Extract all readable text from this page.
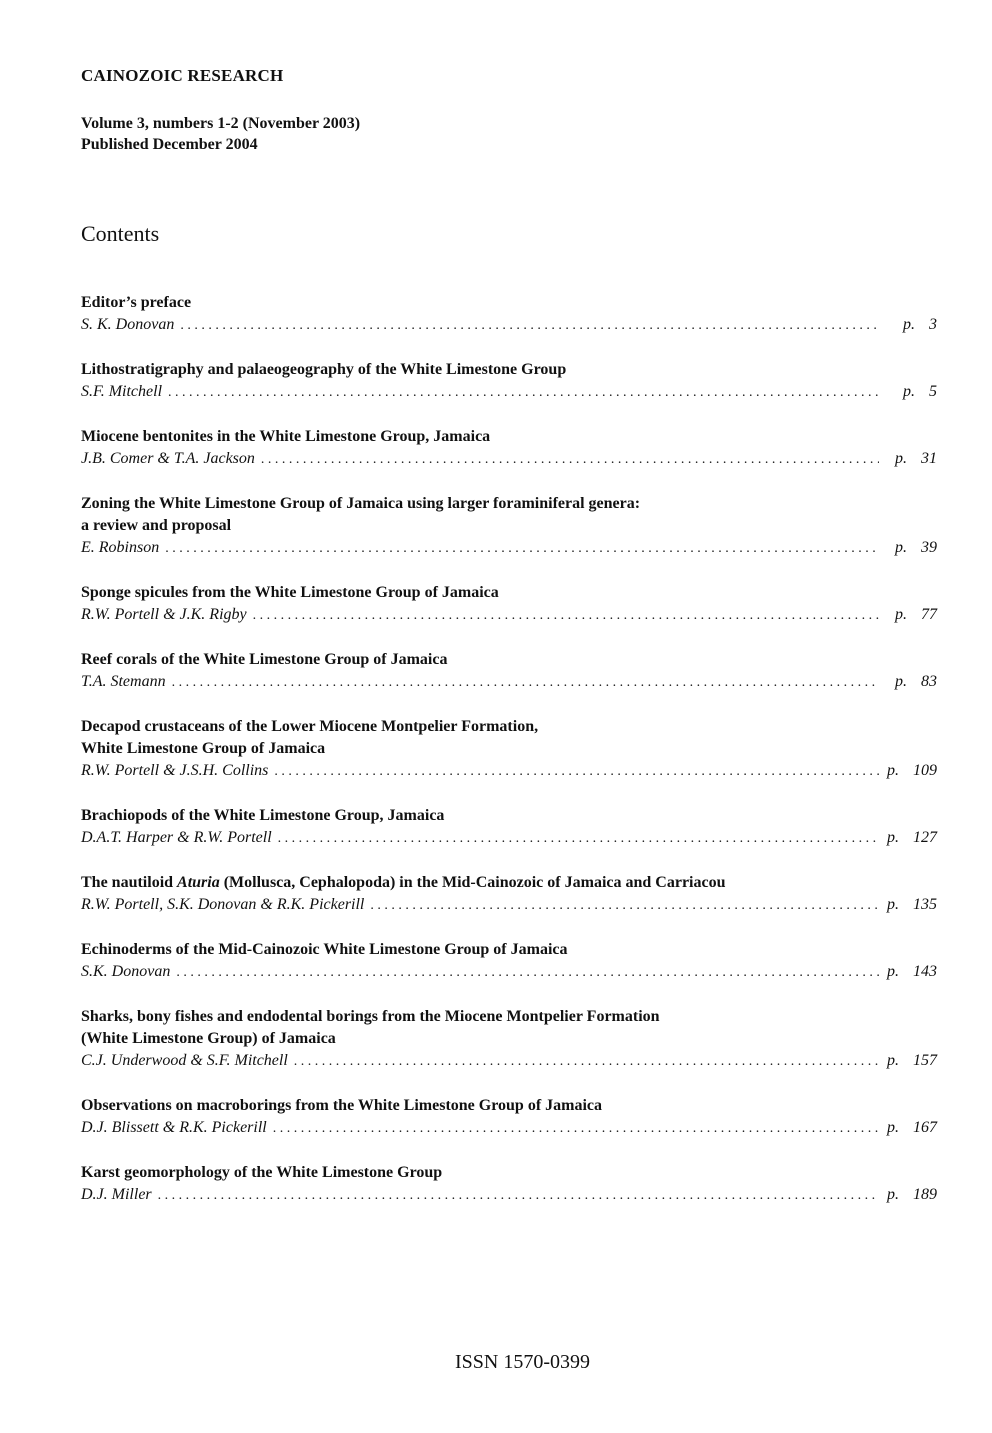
CAINOZOIC RESEARCH
Volume 3, numbers 1-2 (November 2003)
Published December 2004
Contents
Editor’s preface
S. K. Donovan . . .	p. 3
Lithostratigraphy and palaeogeography of the White Limestone Group
S.F. Mitchell . . .	p. 5
Miocene bentonites in the White Limestone Group, Jamaica
J.B. Comer & T.A. Jackson . . .	p. 31
Zoning the White Limestone Group of Jamaica using larger foraminiferal genera:
a review and proposal
E. Robinson . . .	p. 39
Sponge spicules from the White Limestone Group of Jamaica
R.W. Portell & J.K. Rigby . . .	p. 77
Reef corals of the White Limestone Group of Jamaica
T.A. Stemann . . .	p. 83
Decapod crustaceans of the Lower Miocene Montpelier Formation,
White Limestone Group of Jamaica
R.W. Portell & J.S.H. Collins . . .	p. 109
Brachiopods of the White Limestone Group, Jamaica
D.A.T. Harper & R.W. Portell . . .	p. 127
The nautiloid Aturia (Mollusca, Cephalopoda) in the Mid-Cainozoic of Jamaica and Carriacou
R.W. Portell, S.K. Donovan & R.K. Pickerill . . .	p. 135
Echinoderms of the Mid-Cainozoic White Limestone Group of Jamaica
S.K. Donovan . . .	p. 143
Sharks, bony fishes and endodental borings from the Miocene Montpelier Formation
(White Limestone Group) of Jamaica
C.J. Underwood & S.F. Mitchell . . .	p. 157
Observations on macroborings from the White Limestone Group of Jamaica
D.J. Blissett & R.K. Pickerill . . .	p. 167
Karst geomorphology of the White Limestone Group
D.J. Miller . . .	p. 189
ISSN 1570-0399
